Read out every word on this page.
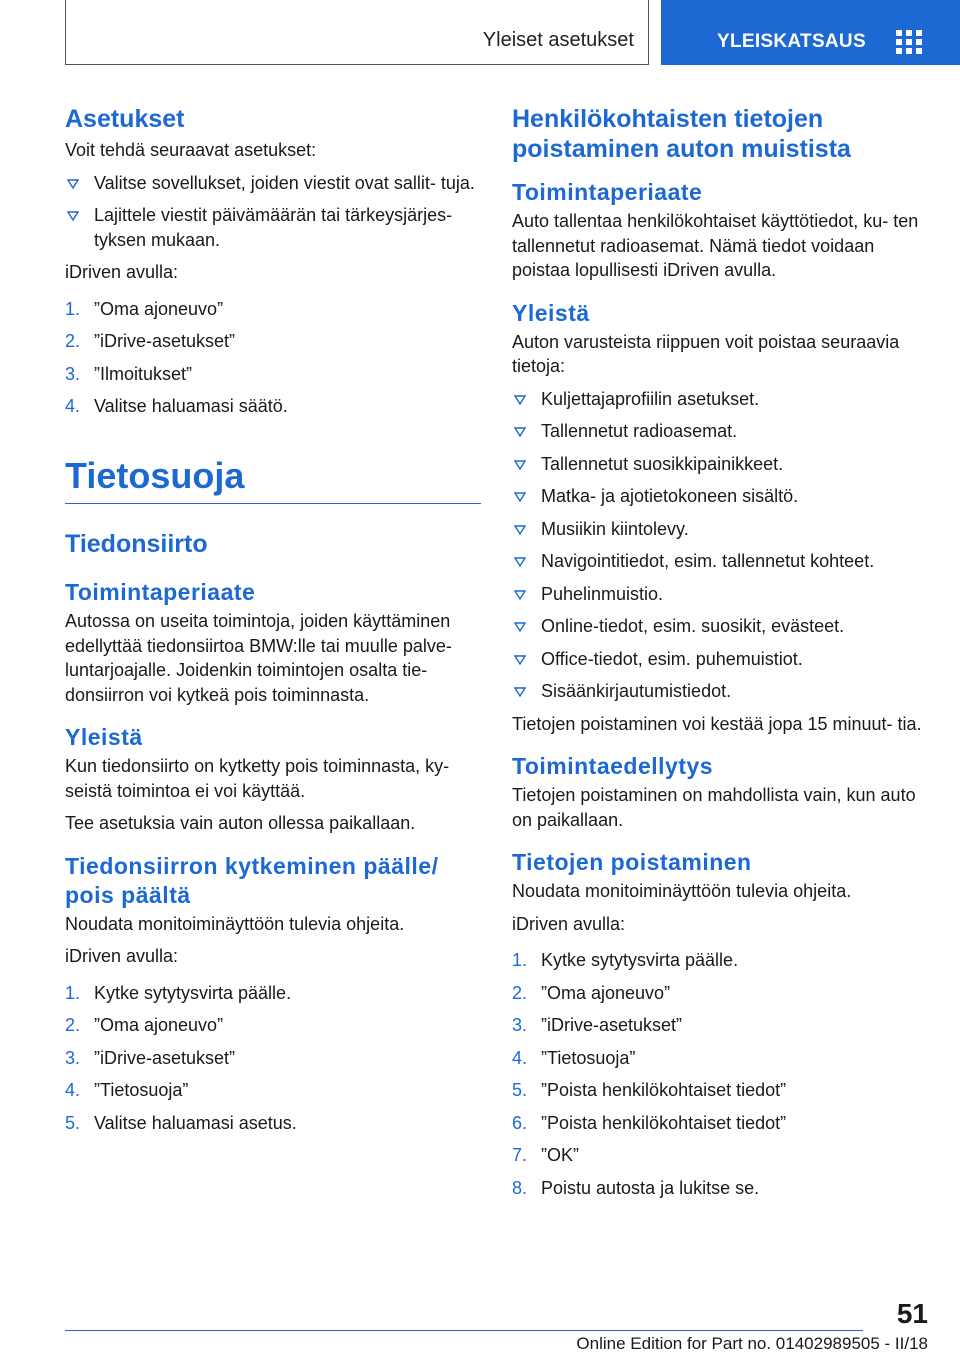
Yleiset asetukset	YLEISKATSAUS
Asetukset
Voit tehdä seuraavat asetukset:
Valitse sovellukset, joiden viestit ovat sallit- tuja.
Lajittele viestit päivämäärän tai tärkeysjärjes- tyksen mukaan.
iDriven avulla:
1. ”Oma ajoneuvo”
2. ”iDrive-asetukset”
3. ”Ilmoitukset”
4. Valitse haluamasi säätö.
Tietosuoja
Tiedonsiirto
Toimintaperiaate
Autossa on useita toimintoja, joiden käyttäminen edellyttää tiedonsiirtoa BMW:lle tai muulle palve- luntarjoajalle. Joidenkin toimintojen osalta tie- donsiirron voi kytkeä pois toiminnasta.
Yleistä
Kun tiedonsiirto on kytketty pois toiminnasta, ky- seistä toimintoa ei voi käyttää.
Tee asetuksia vain auton ollessa paikallaan.
Tiedonsiirron kytkeminen päälle/ pois päältä
Noudata monitoiminäyttöön tulevia ohjeita.
iDriven avulla:
1. Kytke sytytysvirta päälle.
2. ”Oma ajoneuvo”
3. ”iDrive-asetukset”
4. ”Tietosuoja”
5. Valitse haluamasi asetus.
Henkilökohtaisten tietojen poistaminen auton muistista
Toimintaperiaate
Auto tallentaa henkilökohtaiset käyttötiedot, ku- ten tallennetut radioasemat. Nämä tiedot voidaan poistaa lopullisesti iDriven avulla.
Yleistä
Auton varusteista riippuen voit poistaa seuraavia tietoja:
Kuljettajaprofiilin asetukset.
Tallennetut radioasemat.
Tallennetut suosikkipainikkeet.
Matka- ja ajotietokoneen sisältö.
Musiikin kiintolevy.
Navigointitiedot, esim. tallennetut kohteet.
Puhelinmuistio.
Online-tiedot, esim. suosikit, evästeet.
Office-tiedot, esim. puhemuistiot.
Sisäänkirjautumistiedot.
Tietojen poistaminen voi kestää jopa 15 minuut- tia.
Toimintaedellytys
Tietojen poistaminen on mahdollista vain, kun auto on paikallaan.
Tietojen poistaminen
Noudata monitoiminäyttöön tulevia ohjeita.
iDriven avulla:
1. Kytke sytytysvirta päälle.
2. ”Oma ajoneuvo”
3. ”iDrive-asetukset”
4. ”Tietosuoja”
5. ”Poista henkilökohtaiset tiedot”
6. ”Poista henkilökohtaiset tiedot”
7. ”OK”
8. Poistu autosta ja lukitse se.
51
Online Edition for Part no. 01402989505 - II/18
